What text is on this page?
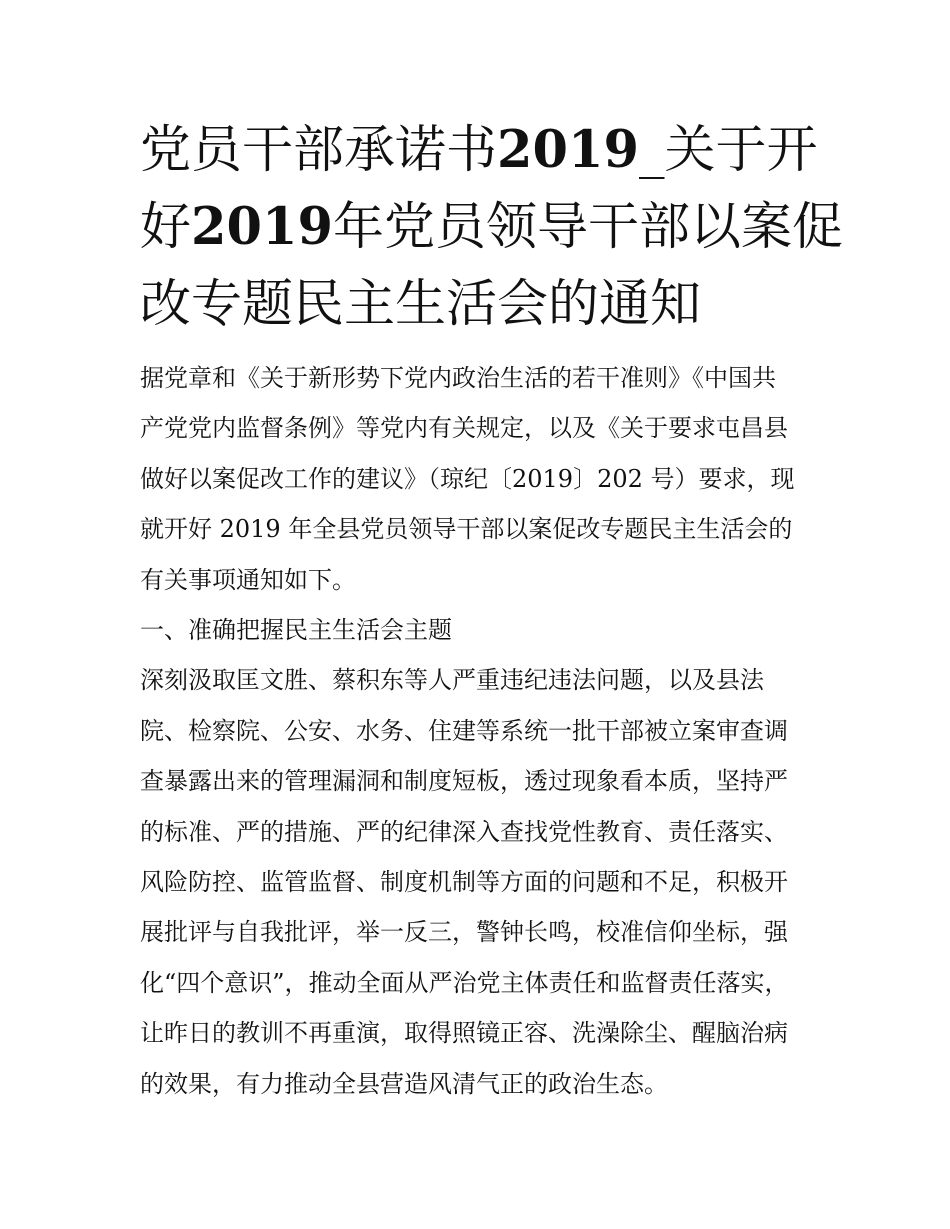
党员干部承诺书2019_关于开
好2019年党员领导干部以案促
改专题民主生活会的通知
据党章和《关于新形势下党内政治生活的若干准则》《中国共
产党党内监督条例》等党内有关规定，以及《关于要求屯昌县
做好以案促改工作的建议》（琼纪〔2019〕202 号）要求，现
就开好 2019 年全县党员领导干部以案促改专题民主生活会的
有关事项通知如下。
一、准确把握民主生活会主题
深刻汲取匡文胜、蔡积东等人严重违纪违法问题，以及县法
院、检察院、公安、水务、住建等系统一批干部被立案审查调
查暴露出来的管理漏洞和制度短板，透过现象看本质，坚持严
的标准、严的措施、严的纪律深入查找党性教育、责任落实、
风险防控、监管监督、制度机制等方面的问题和不足，积极开
展批评与自我批评，举一反三，警钟长鸣，校准信仰坐标，强
化“四个意识”，推动全面从严治党主体责任和监督责任落实，
让昨日的教训不再重演，取得照镜正容、洗澡除尘、醒脑治病
的效果，有力推动全县营造风清气正的政治生态。
